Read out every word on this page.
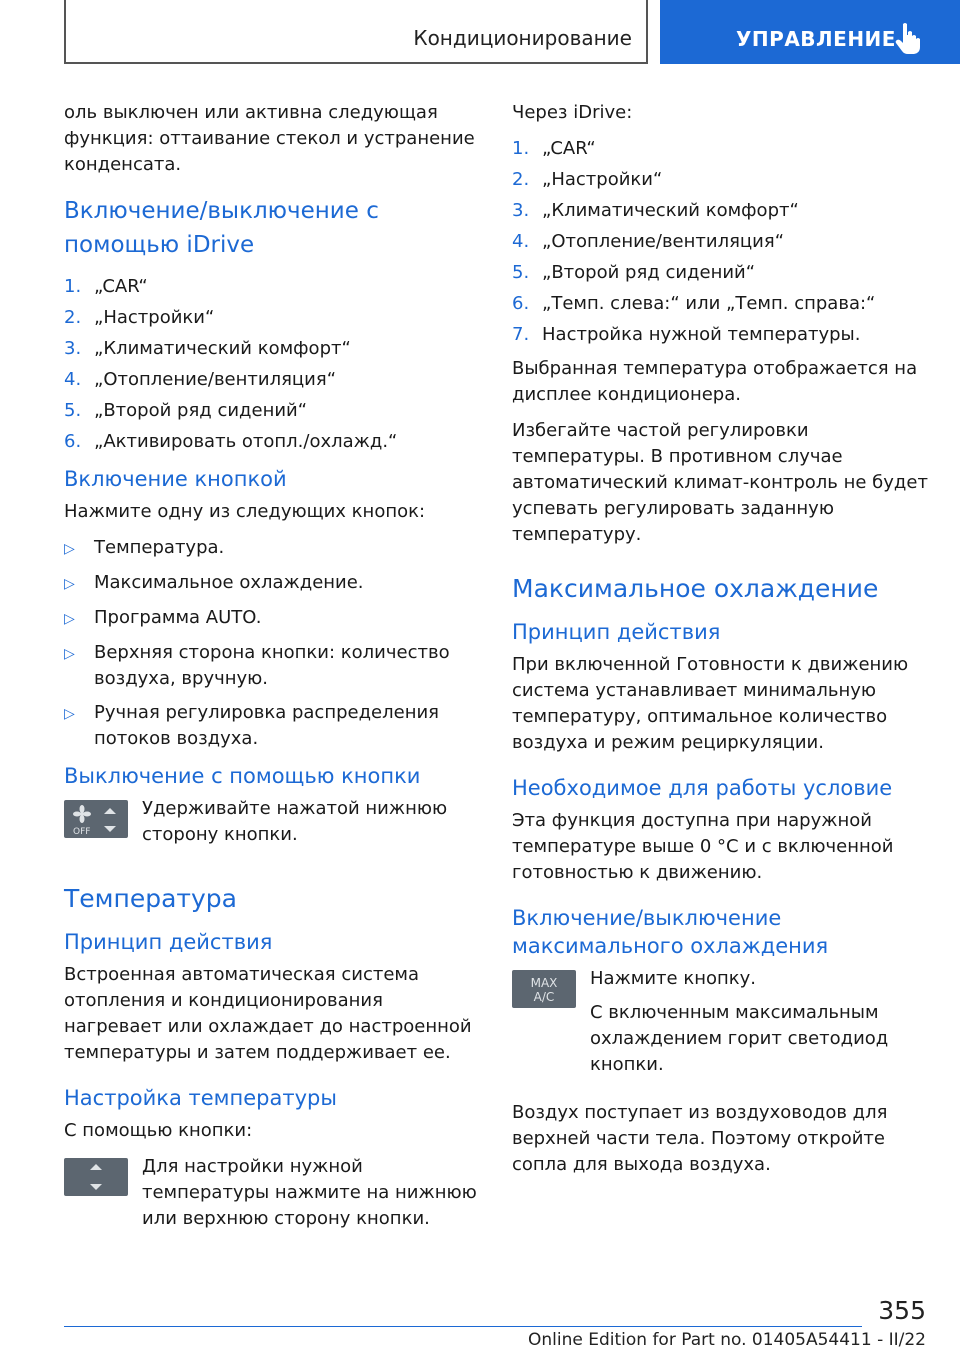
Кондиционирование	УПРАВЛЕНИЕ

оль выключен или активна следующая функция: оттаивание стекол и устранение конденсата.

Включение/выключение с помощью iDrive
1. „CAR“
2. „Настройки“
3. „Климатический комфорт“
4. „Отопление/вентиляция“
5. „Второй ряд сидений“
6. „Активировать отопл./охлажд.“
Включение кнопкой

Нажмите одну из следующих кнопок:

▷	Температура.
▷	Максимальное охлаждение.
▷	Программа AUTO.
▷	Верхняя сторона кнопки: количество воздуха, вручную.
▷	Ручная регулировка распределения потоков воздуха.
Выключение с помощью кнопки
OFF

Удерживайте нажатой нижнюю сторону кнопки.

Температура
Принцип действия

Встроенная автоматическая система отопления и кондиционирования нагревает или охлаждает до настроенной температуры и затем поддерживает ее.

Настройка температуры

С помощью кнопки:

Для настройки нужной температуры нажмите на нижнюю или верхнюю сторону кнопки.

Через iDrive:

1. „CAR“
2. „Настройки“
3. „Климатический комфорт“
4. „Отопление/вентиляция“
5. „Второй ряд сидений“
6. „Темп. слева:“ или „Темп. справа:“
7. Настройка нужной температуры.

Выбранная температура отображается на дисплее кондиционера.

Избегайте частой регулировки температуры. В противном случае автоматический климат-контроль не будет успевать регулировать заданную температуру.

Максимальное охлаждение
Принцип действия

При включенной Готовности к движению система устанавливает минимальную температуру, оптимальное количество воздуха и режим рециркуляции.

Необходимое для работы условие

Эта функция доступна при наружной температуре выше 0 °C и с включенной готовностью к движению.

Включение/выключение максимального охлаждения
MAX
A/C

Нажмите кнопку.

С включенным максимальным охлаждением горит светодиод кнопки.

Воздух поступает из воздуховодов для верхней части тела. Поэтому откройте сопла для выхода воздуха.

355
Online Edition for Part no. 01405A54411 - II/22
